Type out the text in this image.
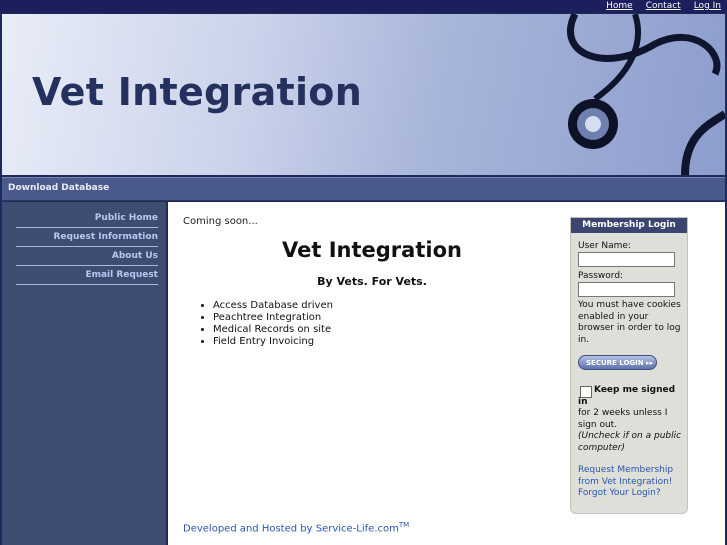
Home Contact Log In
Vet Integration
Download Database
Public Home
Request Information
About Us
Email Request
Coming soon...
Vet Integration
By Vets. For Vets.
• Access Database driven
• Peachtree Integration
• Medical Records on site
• Field Entry Invoicing
Developed and Hosted by Service-Life.com™
Membership Login
User Name:
Password:
You must have cookies enabled in your browser in order to log in.
SECURE LOGIN ▸▸
Keep me signed in
for 2 weeks unless I sign out.
(Uncheck if on a public computer)
Request Membership from Vet Integration!
Forgot Your Login?
